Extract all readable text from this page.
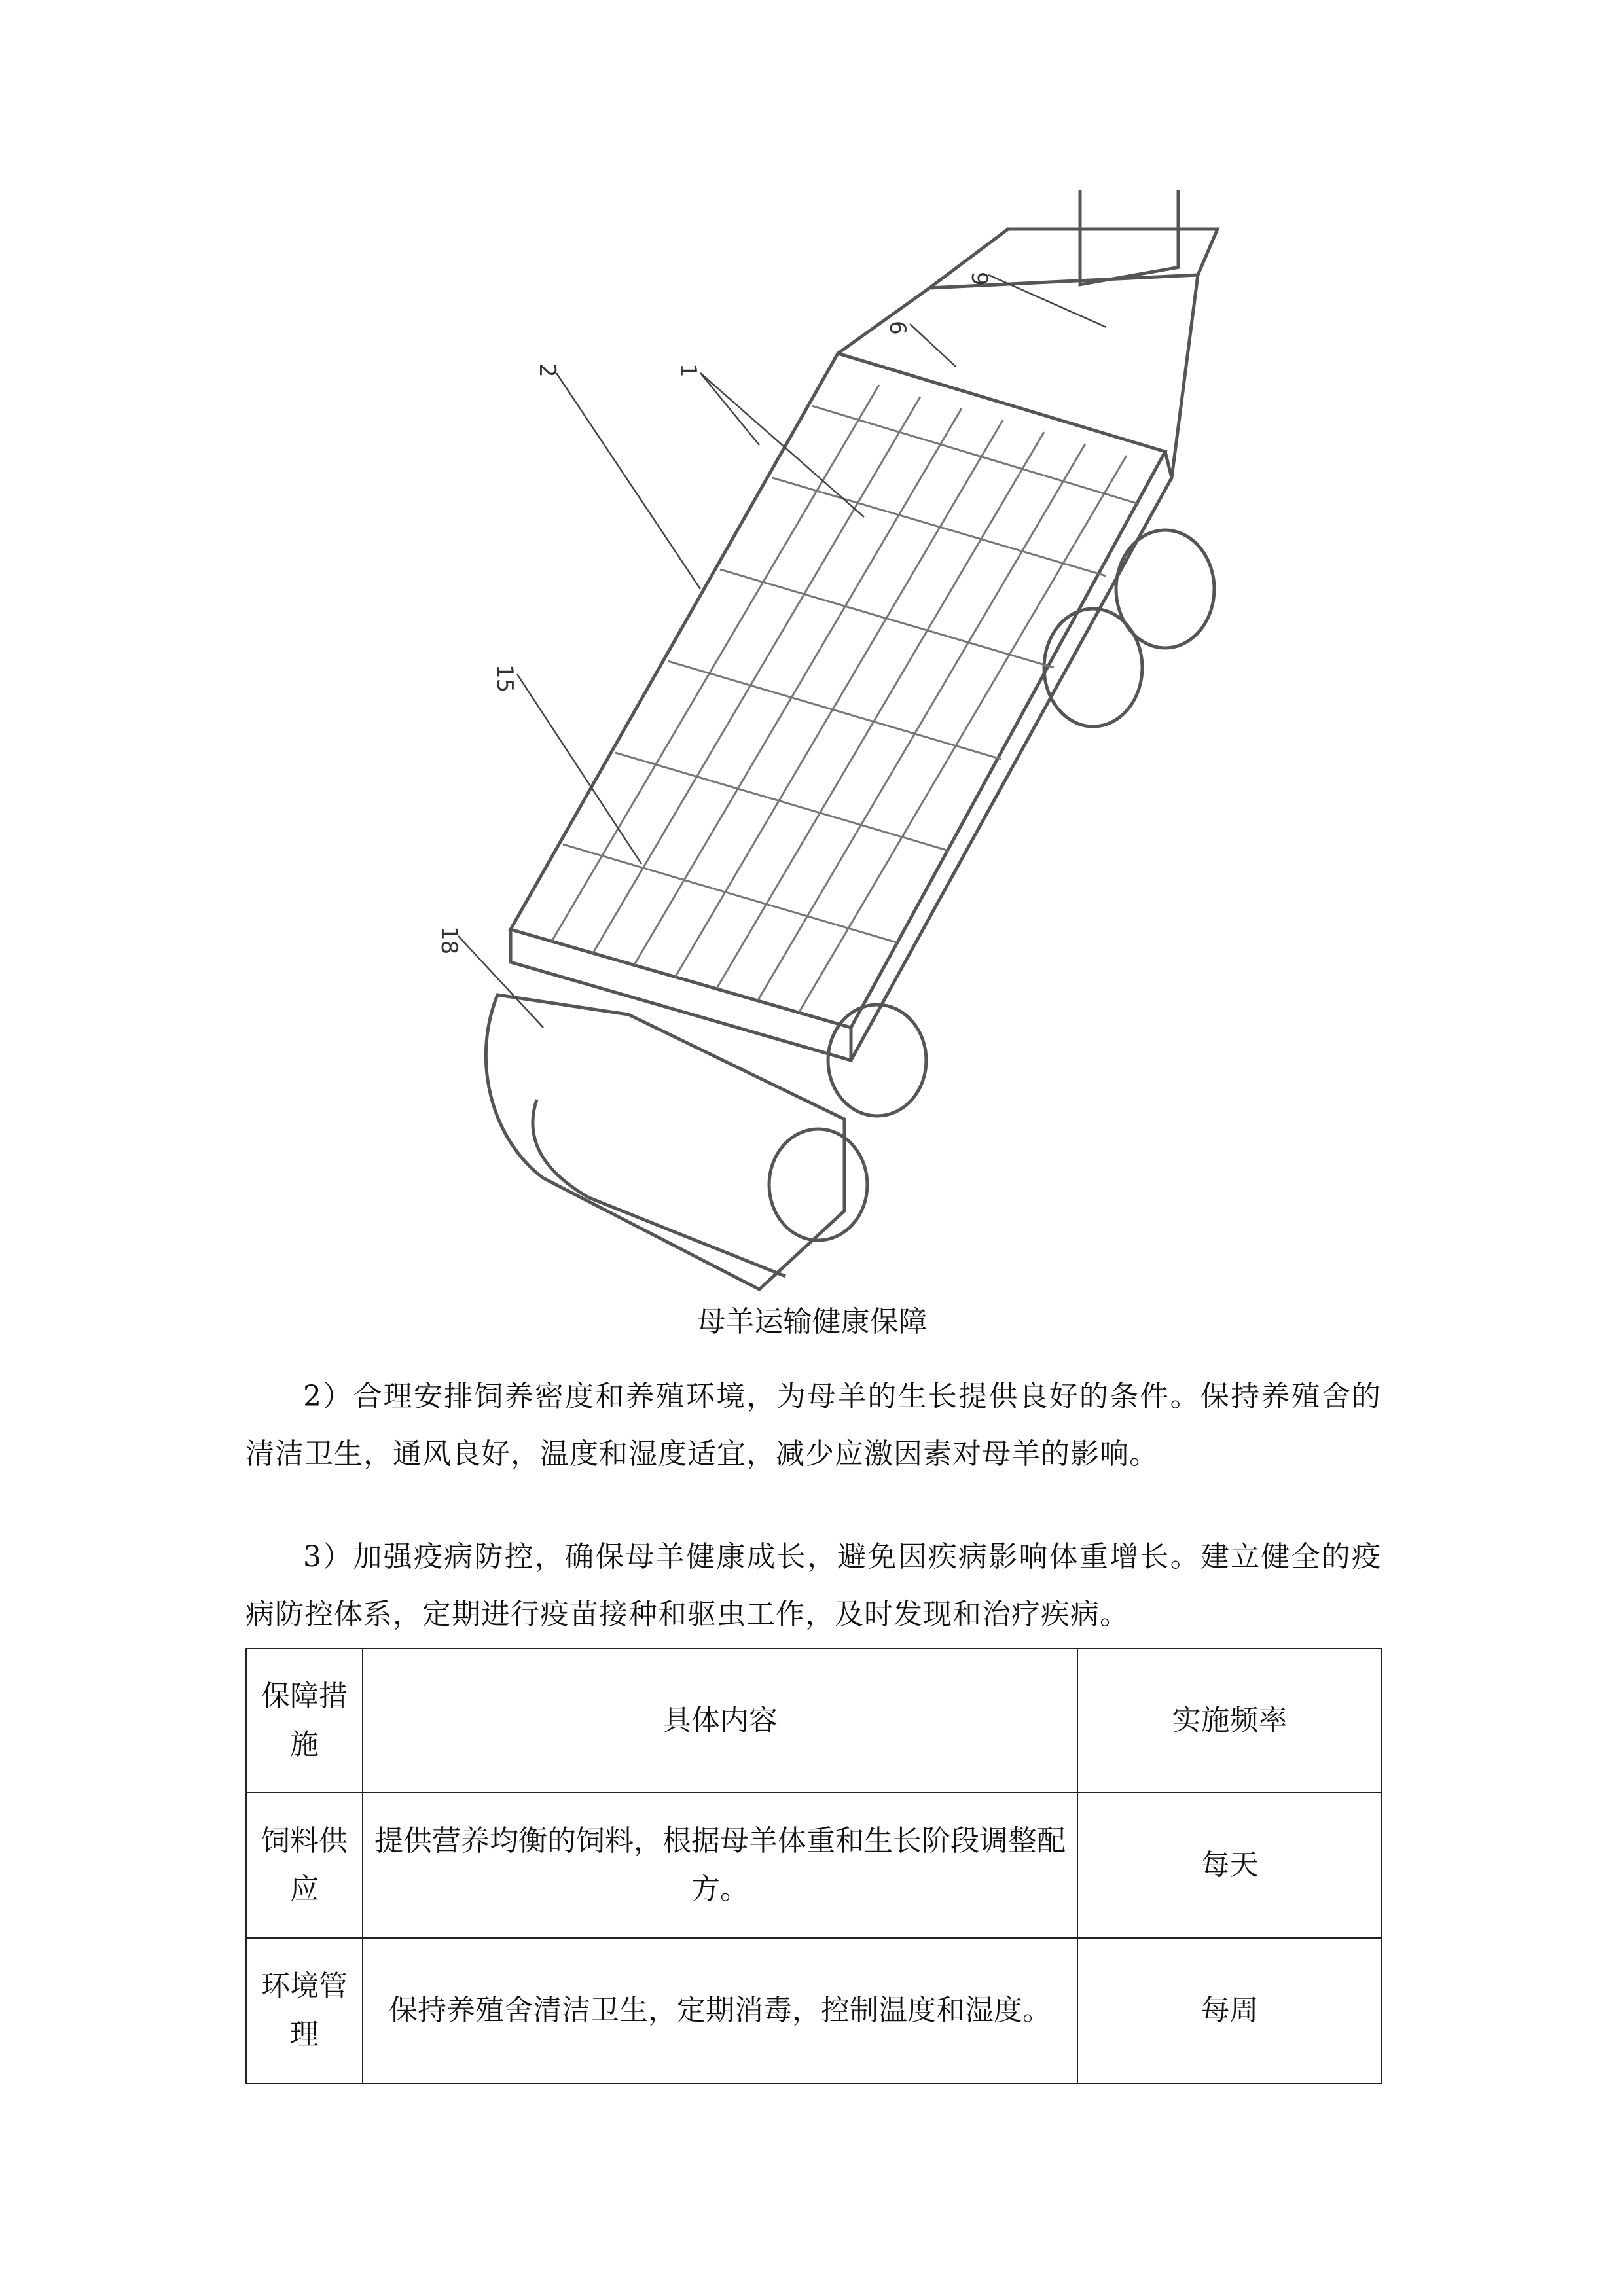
9
6
1
2
15
18
母羊运输健康保障

2）合理安排饲养密度和养殖环境，为母羊的生长提供良好的条件。保持养殖舍的清洁卫生，通风良好，温度和湿度适宜，减少应激因素对母羊的影响。

3）加强疫病防控，确保母羊健康成长，避免因疾病影响体重增长。建立健全的疫病防控体系，定期进行疫苗接种和驱虫工作，及时发现和治疗疾病。

保障措施	具体内容	实施频率
饲料供应	提供营养均衡的饲料，根据母羊体重和生长阶段调整配方。	每天
环境管理	保持养殖舍清洁卫生，定期消毒，控制温度和湿度。	每周
